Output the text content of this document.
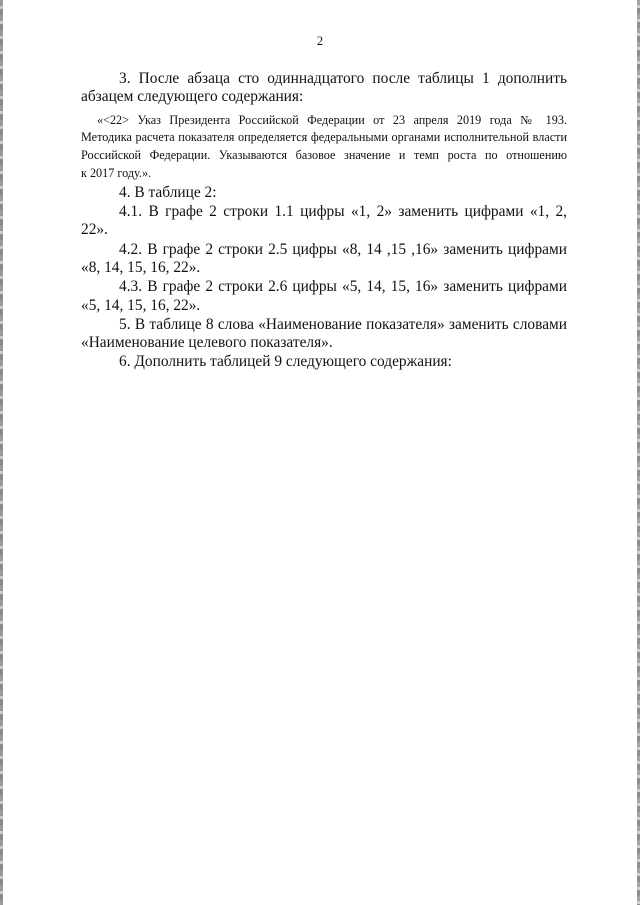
2

3. После абзаца сто одиннадцатого после таблицы 1 дополнить

абзацем следующего содержания:

«<22> Указ Президента Российской Федерации от 23 апреля 2019 года № 193.

Методика расчета показателя определяется федеральными органами исполнительной власти

Российской Федерации. Указываются базовое значение и темп роста по отношению

к 2017 году.».

4. В таблице 2:

4.1. В графе 2 строки 1.1 цифры «1, 2» заменить цифрами «1, 2, 22».

4.2. В графе 2 строки 2.5 цифры «8, 14 ,15 ,16» заменить цифрами

«8, 14, 15, 16, 22».

4.3. В графе 2 строки 2.6 цифры «5, 14, 15, 16» заменить цифрами

«5, 14, 15, 16, 22».

5. В таблице 8 слова «Наименование показателя» заменить словами

«Наименование целевого показателя».

6. Дополнить таблицей 9 следующего содержания:
